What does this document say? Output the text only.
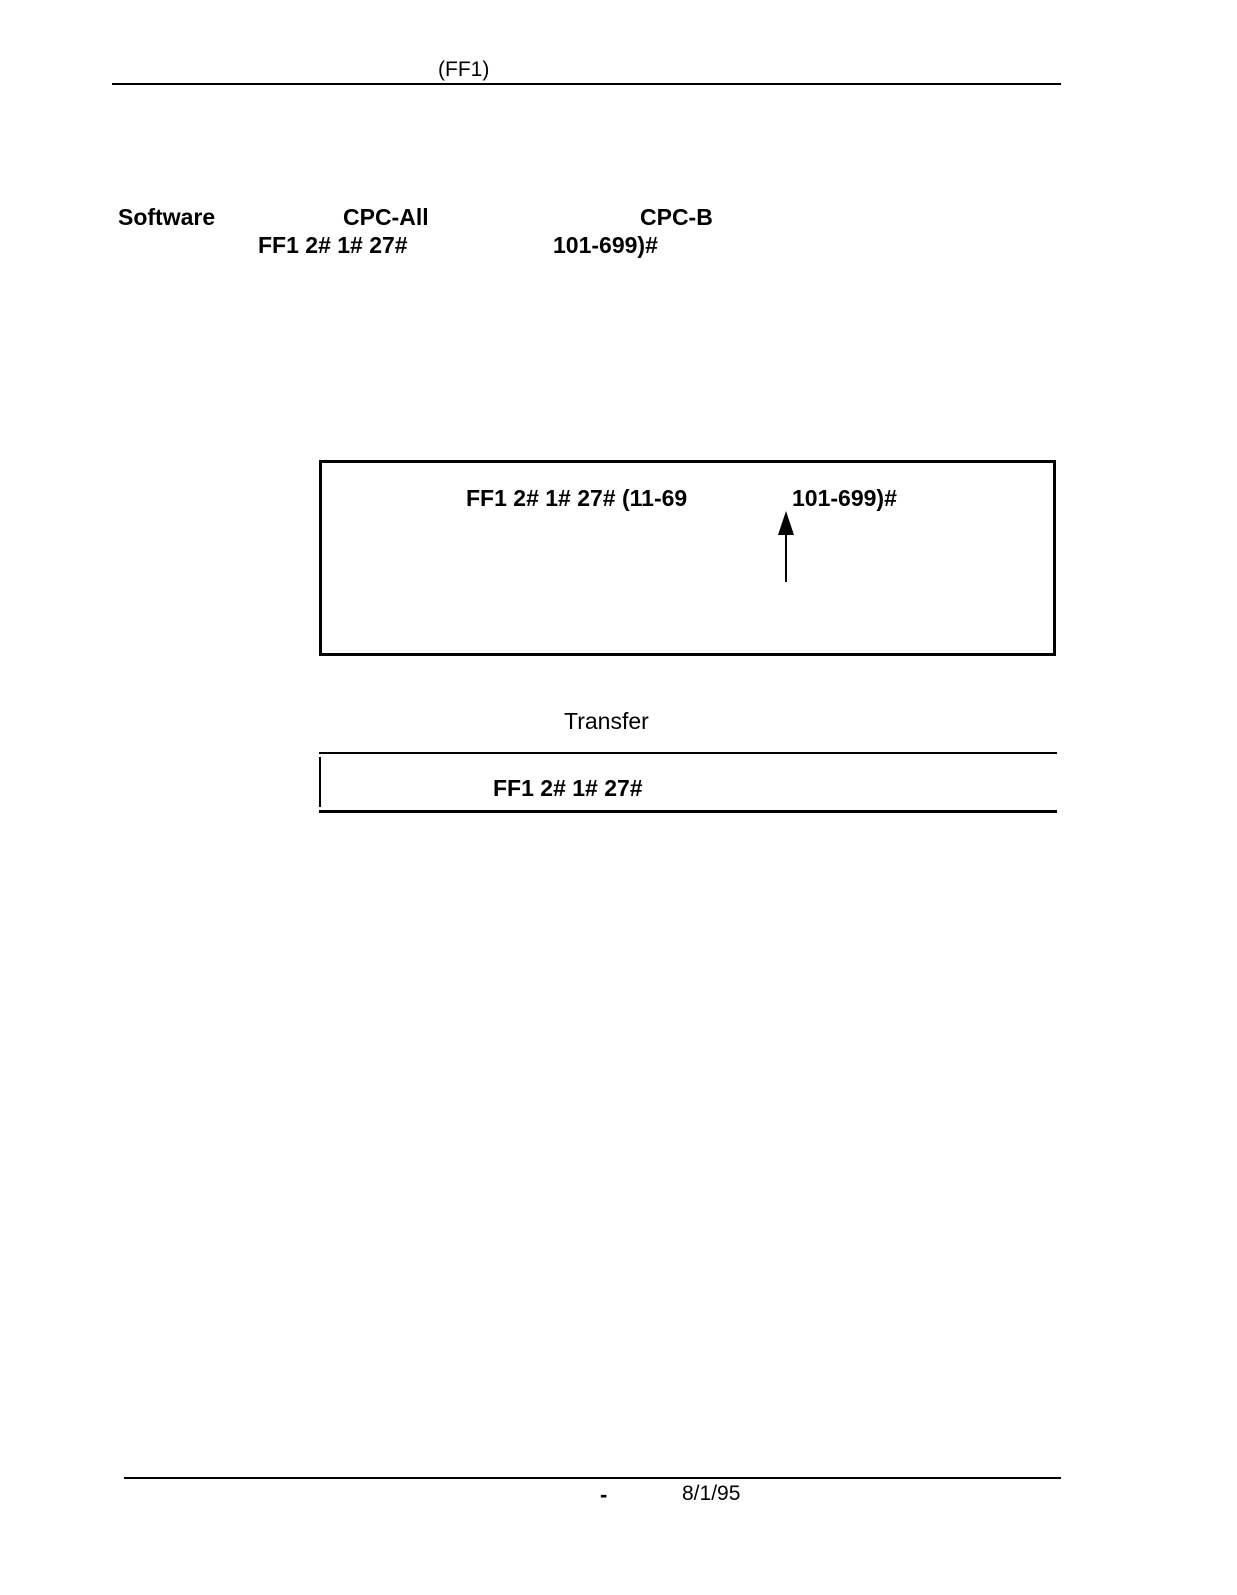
(FF1)
Software	CPC-All	CPC-B
FF1 2# 1# 27#	101-699)#
FF1 2# 1# 27# (11-69	101-699)#
Transfer
FF1 2# 1# 27#
-	8/1/95
